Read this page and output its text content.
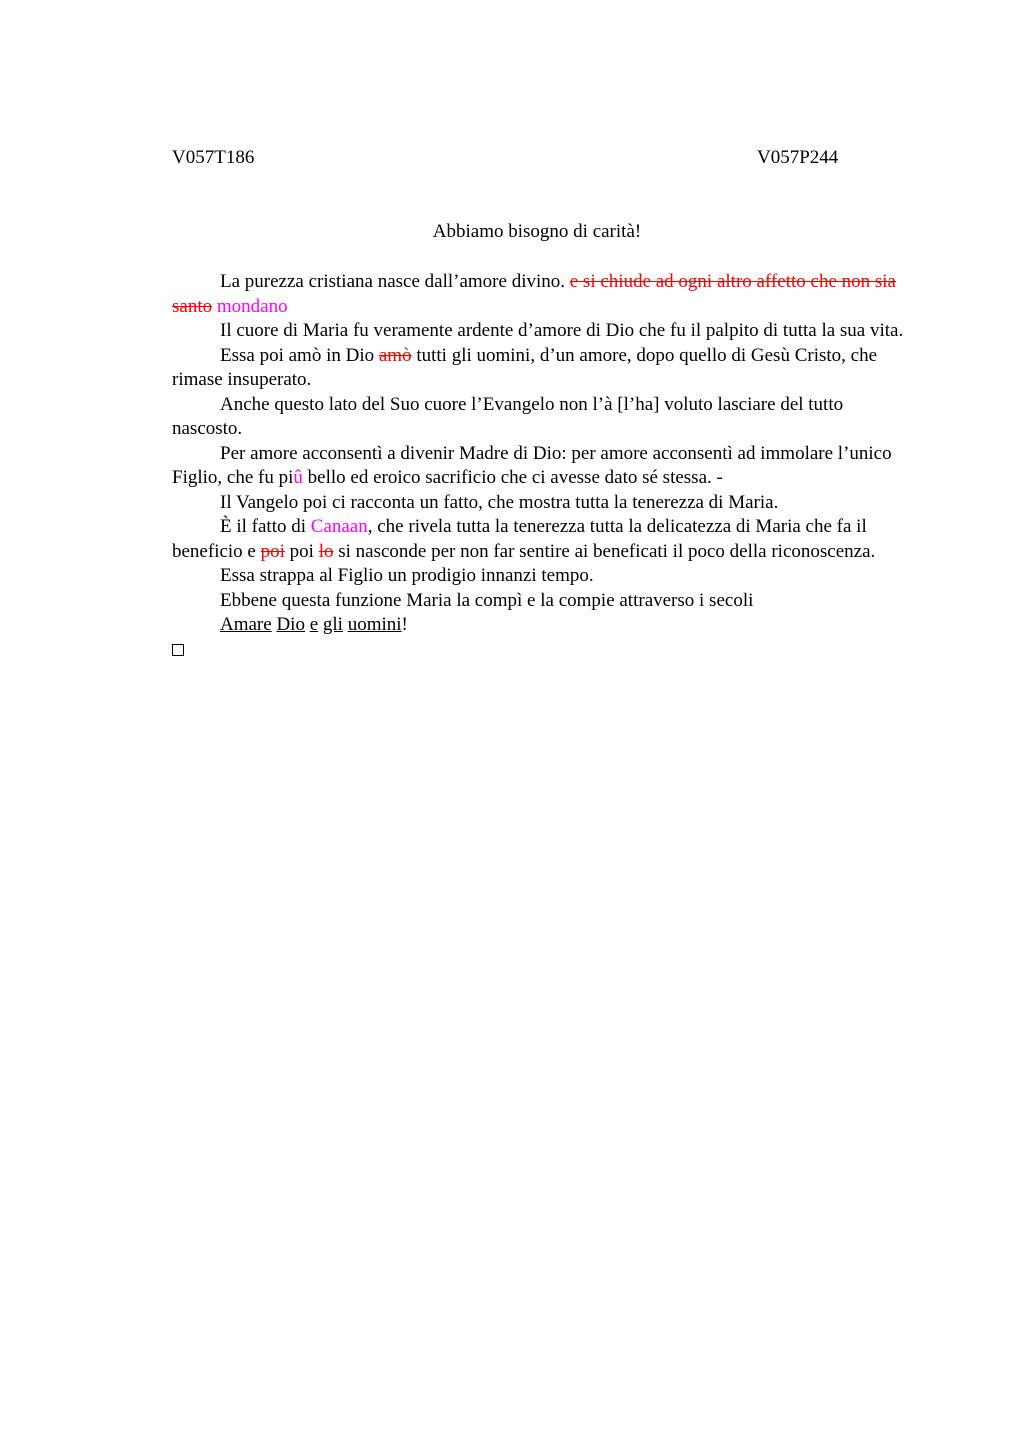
V057T186	V057P244
Abbiamo bisogno di carità!

La purezza cristiana nasce dall’amore divino. e si chiude ad ogni altro affetto che non sia santo mondano

Il cuore di Maria fu veramente ardente d’amore di Dio che fu il palpito di tutta la sua vita.

Essa poi amò in Dio amò tutti gli uomini, d’un amore, dopo quello di Gesù Cristo, che rimase insuperato.

Anche questo lato del Suo cuore l’Evangelo non l’à [l’ha] voluto lasciare del tutto nascosto.

Per amore acconsentì a divenir Madre di Dio: per amore acconsentì ad immolare l’unico Figlio, che fu piû bello ed eroico sacrificio che ci avesse dato sé stessa. -

Il Vangelo poi ci racconta un fatto, che mostra tutta la tenerezza di Maria.

È il fatto di Canaan, che rivela tutta la tenerezza tutta la delicatezza di Maria che fa il beneficio e poi poi lo si nasconde per non far sentire ai beneficati il poco della riconoscenza.

Essa strappa al Figlio un prodigio innanzi tempo.

Ebbene questa funzione Maria la compì e la compie attraverso i secoli

Amare Dio e gli uomini!
